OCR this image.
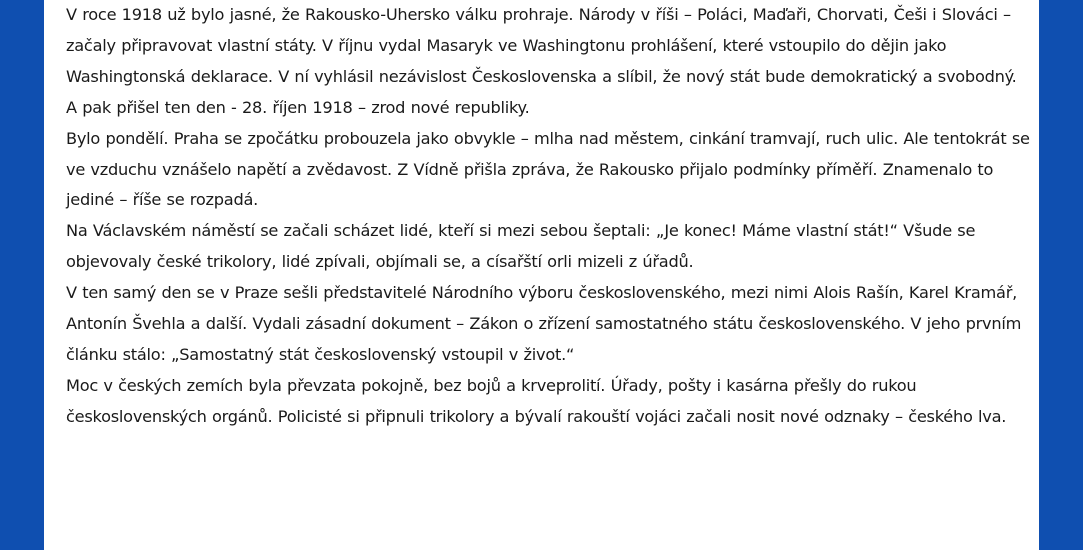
V roce 1918 už bylo jasné, že Rakousko-Uhersko válku prohraje. Národy v říši – Poláci, Maďaři, Chorvati, Češi i Slováci – začaly připravovat vlastní státy. V říjnu vydal Masaryk ve Washingtonu prohlášení, které vstoupilo do dějin jako Washingtonská deklarace. V ní vyhlásil nezávislost Československa a slíbil, že nový stát bude demokratický a svobodný. A pak přišel ten den - 28. říjen 1918 – zrod nové republiky.

Bylo pondělí. Praha se zpočátku probouzela jako obvykle – mlha nad městem, cinkání tramvají, ruch ulic. Ale tentokrát se ve vzduchu vznášelo napětí a zvědavost. Z Vídně přišla zpráva, že Rakousko přijalo podmínky příměří. Znamenalo to jediné – říše se rozpadá.

Na Václavském náměstí se začali scházet lidé, kteří si mezi sebou šeptali: „Je konec! Máme vlastní stát!“ Všude se objevovaly české trikolory, lidé zpívali, objímali se, a císařští orli mizeli z úřadů.

V ten samý den se v Praze sešli představitelé Národního výboru československého, mezi nimi Alois Rašín, Karel Kramář, Antonín Švehla a další. Vydali zásadní dokument – Zákon o zřízení samostatného státu československého. V jeho prvním článku stálo: „Samostatný stát československý vstoupil v život.“

Moc v českých zemích byla převzata pokojně, bez bojů a krveprolití. Úřady, pošty i kasárna přešly do rukou československých orgánů. Policisté si připnuli trikolory a bývalí rakouští vojáci začali nosit nové odznaky – českého lva.
